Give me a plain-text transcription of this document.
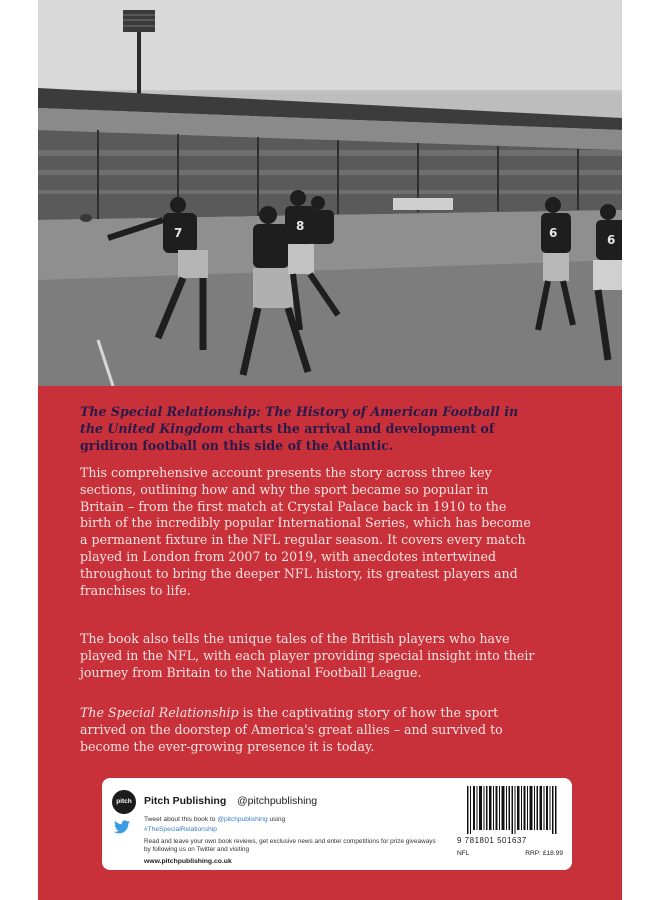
7	8	6	6
The Special Relationship: The History of American Football in the United Kingdom charts the arrival and development of gridiron football on this side of the Atlantic.
This comprehensive account presents the story across three key sections, outlining how and why the sport became so popular in Britain – from the first match at Crystal Palace back in 1910 to the birth of the incredibly popular International Series, which has become a permanent fixture in the NFL regular season. It covers every match played in London from 2007 to 2019, with anecdotes intertwined throughout to bring the deeper NFL history, its greatest players and franchises to life.
The book also tells the unique tales of the British players who have played in the NFL, with each player providing special insight into their journey from Britain to the National Football League.
The Special Relationship is the captivating story of how the sport arrived on the doorstep of America's great allies – and survived to become the ever-growing presence it is today.
pitch	Pitch Publishing @pitchpublishing
Tweet about this book to @pitchpublishing using
#TheSpecialRelationship
Read and leave your own book reviews, get exclusive news and enter competitions for prize giveaways by following us on Twitter and visiting
www.pitchpublishing.co.uk
9 781801 501637
NFL	RRP: £18.99
